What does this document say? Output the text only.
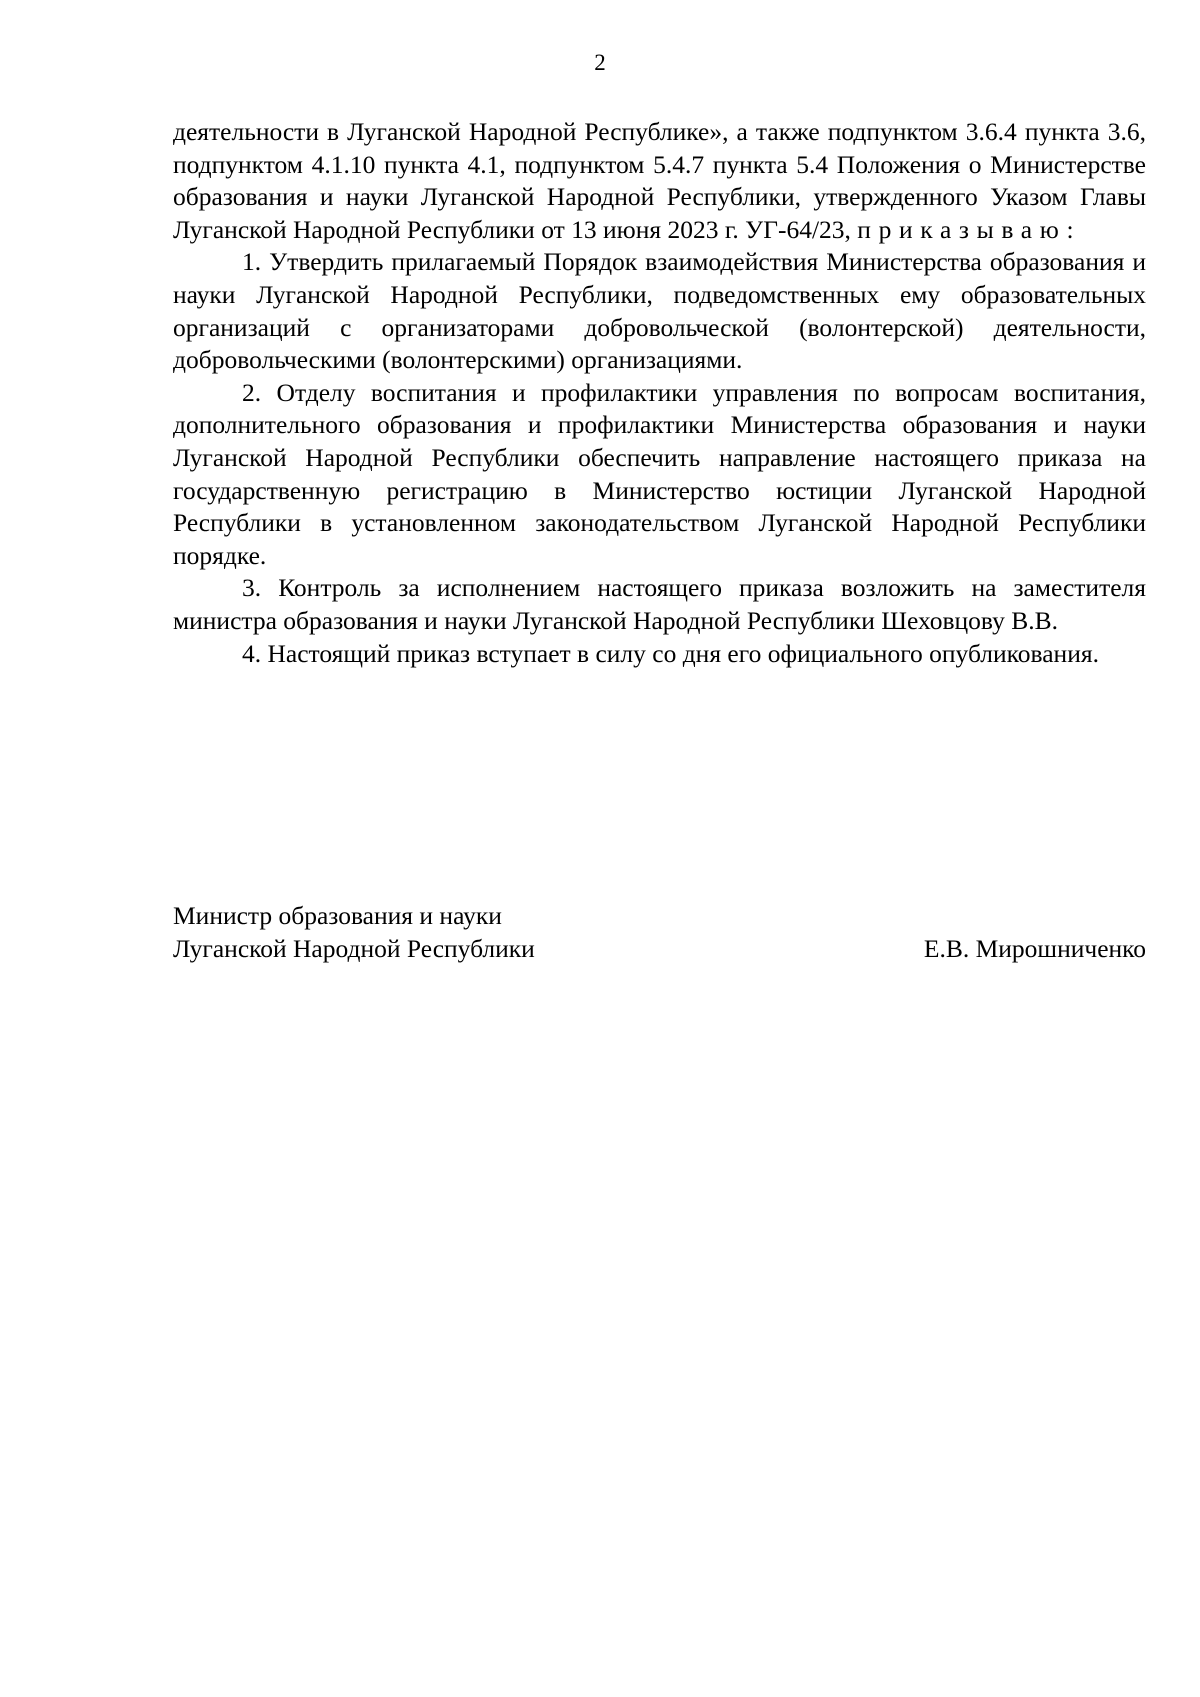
2

деятельности в Луганской Народной Республике», а также подпунктом 3.6.4 пункта 3.6, подпунктом 4.1.10 пункта 4.1, подпунктом 5.4.7 пункта 5.4 Положения о Министерстве образования и науки Луганской Народной Республики, утвержденного Указом Главы Луганской Народной Республики от 13 июня 2023 г. УГ-64/23, приказываю:

1. Утвердить прилагаемый Порядок взаимодействия Министерства образования и науки Луганской Народной Республики, подведомственных ему образовательных организаций с организаторами добровольческой (волонтерской) деятельности, добровольческими (волонтерскими) организациями.

2. Отделу воспитания и профилактики управления по вопросам воспитания, дополнительного образования и профилактики Министерства образования и науки Луганской Народной Республики обеспечить направление настоящего приказа на государственную регистрацию в Министерство юстиции Луганской Народной Республики в установленном законодательством Луганской Народной Республики порядке.

3. Контроль за исполнением настоящего приказа возложить на заместителя министра образования и науки Луганской Народной Республики Шеховцову В.В.

4. Настоящий приказ вступает в силу со дня его официального опубликования.

Министр образования и науки
Луганской Народной Республики	Е.В. Мирошниченко
